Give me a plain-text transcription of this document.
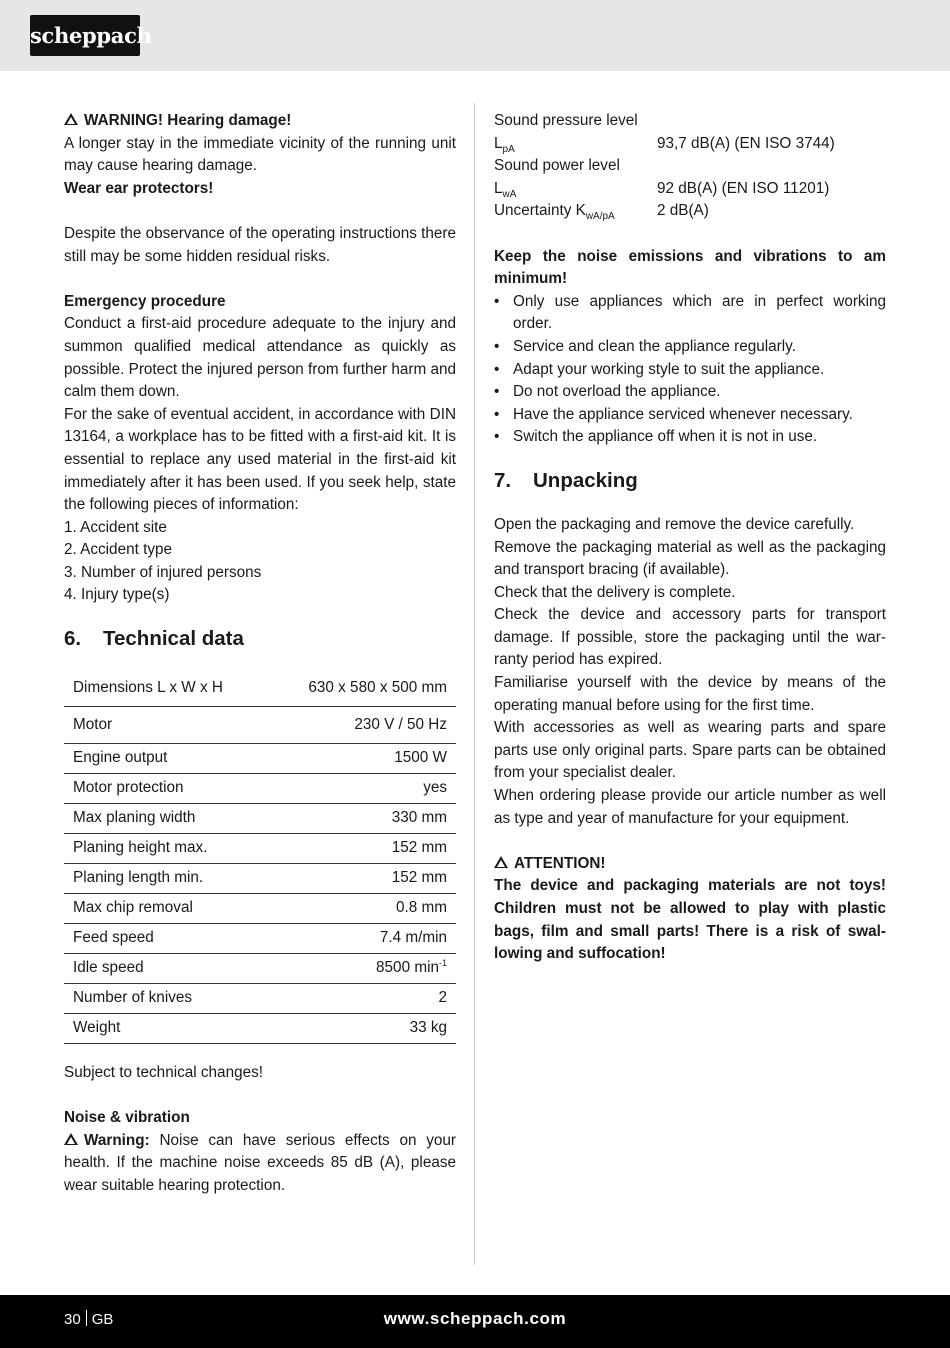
scheppach

WARNING! Hearing damage!

A longer stay in the immediate vicinity of the running unit may cause hearing damage.

Wear ear protectors!

Despite the observance of the operating instructions there still may be some hidden residual risks.

Emergency procedure

Conduct a first-aid procedure adequate to the injury and summon qualified medical attendance as quickly as possible. Protect the injured person from further harm and calm them down.

For the sake of eventual accident, in accordance with DIN 13164, a workplace has to be fitted with a first-aid kit. It is essential to replace any used material in the first-aid kit immediately after it has been used. If you seek help, state the following pieces of information:

1. Accident site

2. Accident type

3. Number of injured persons

4. Injury type(s)

6. Technical data
Dimensions L x W x H	630 x 580 x 500 mm
Motor	230 V / 50 Hz
Engine output	1500 W
Motor protection	yes
Max planing width	330 mm
Planing height max.	152 mm
Planing length min.	152 mm
Max chip removal	0.8 mm
Feed speed	7.4 m/min
Idle speed	8500 $\min^{-1}$
Number of knives	2
Weight	33 kg

Subject to technical changes!

Noise & vibration

Warning: Noise can have serious effects on your health. If the machine noise exceeds 85 dB (A), please wear suitable hearing protection.

Sound pressure level

$L_{pA}$	93,7 dB(A) (EN ISO 3744)

Sound power level

$L_{wA}$	92 dB(A) (EN ISO 11201)
Uncertainty $K_{wA/pA}$	2 dB(A)

Keep the noise emissions and vibrations to am minimum!

• Only use appliances which are in perfect working order.
• Service and clean the appliance regularly.
• Adapt your working style to suit the appliance.
• Do not overload the appliance.
• Have the appliance serviced whenever necessary.
• Switch the appliance off when it is not in use.
7. Unpacking

Open the packaging and remove the device carefully.

Remove the packaging material as well as the packaging and transport bracing (if available).

Check that the delivery is complete.

Check the device and accessory parts for transport damage. If possible, store the packaging until the warranty period has expired.

Familiarise yourself with the device by means of the operating manual before using for the first time.

With accessories as well as wearing parts and spare parts use only original parts. Spare parts can be obtained from your specialist dealer.

When ordering please provide our article number as well as type and year of manufacture for your equipment.

ATTENTION!

The device and packaging materials are not toys! Children must not be allowed to play with plastic bags, film and small parts! There is a risk of swallowing and suffocation!

30 GB	www.scheppach.com
